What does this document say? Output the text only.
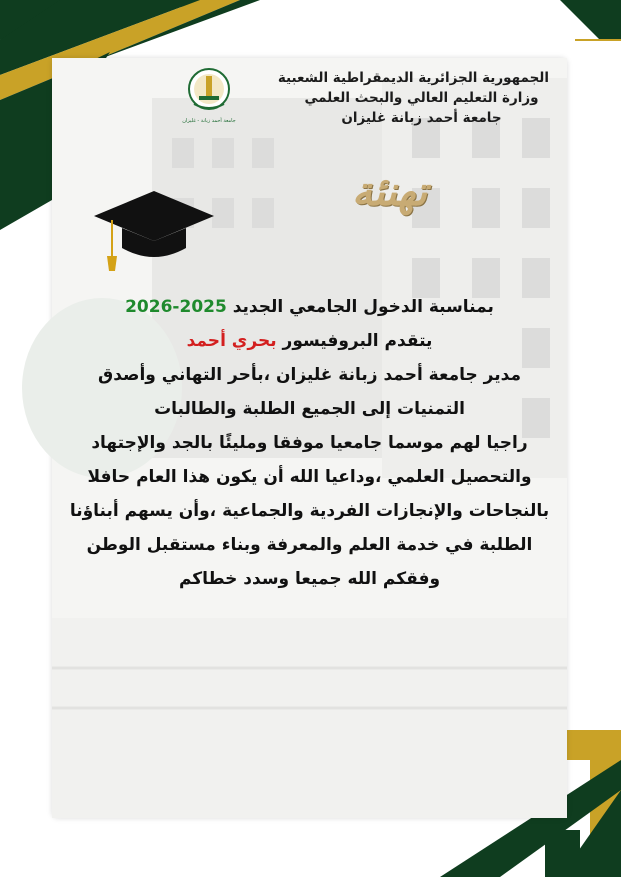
جامعة أحمد زبانة - غليزان
الجمهورية الجزائرية الديمقراطية الشعبية
وزارة التعليم العالي والبحث العلمي
جامعة أحمد زبانة غليزان
تهنئة
بمناسبة الدخول الجامعي الجديد 2025-2026
يتقدم البروفيسور بحري أحمد
مدير جامعة أحمد زبانة غليزان ،بأحر التهاني وأصدق
التمنيات إلى الجميع الطلبة والطالبات
راجيا لهم موسما جامعيا موفقا ومليئًا بالجد والإجتهاد
والتحصيل العلمي ،وداعيا الله أن يكون هذا العام حافلا
بالنجاحات والإنجازات الفردية والجماعية ،وأن يسهم أبناؤنا
الطلبة في خدمة العلم والمعرفة وبناء مستقبل الوطن
وفقكم الله جميعا وسدد خطاكم
